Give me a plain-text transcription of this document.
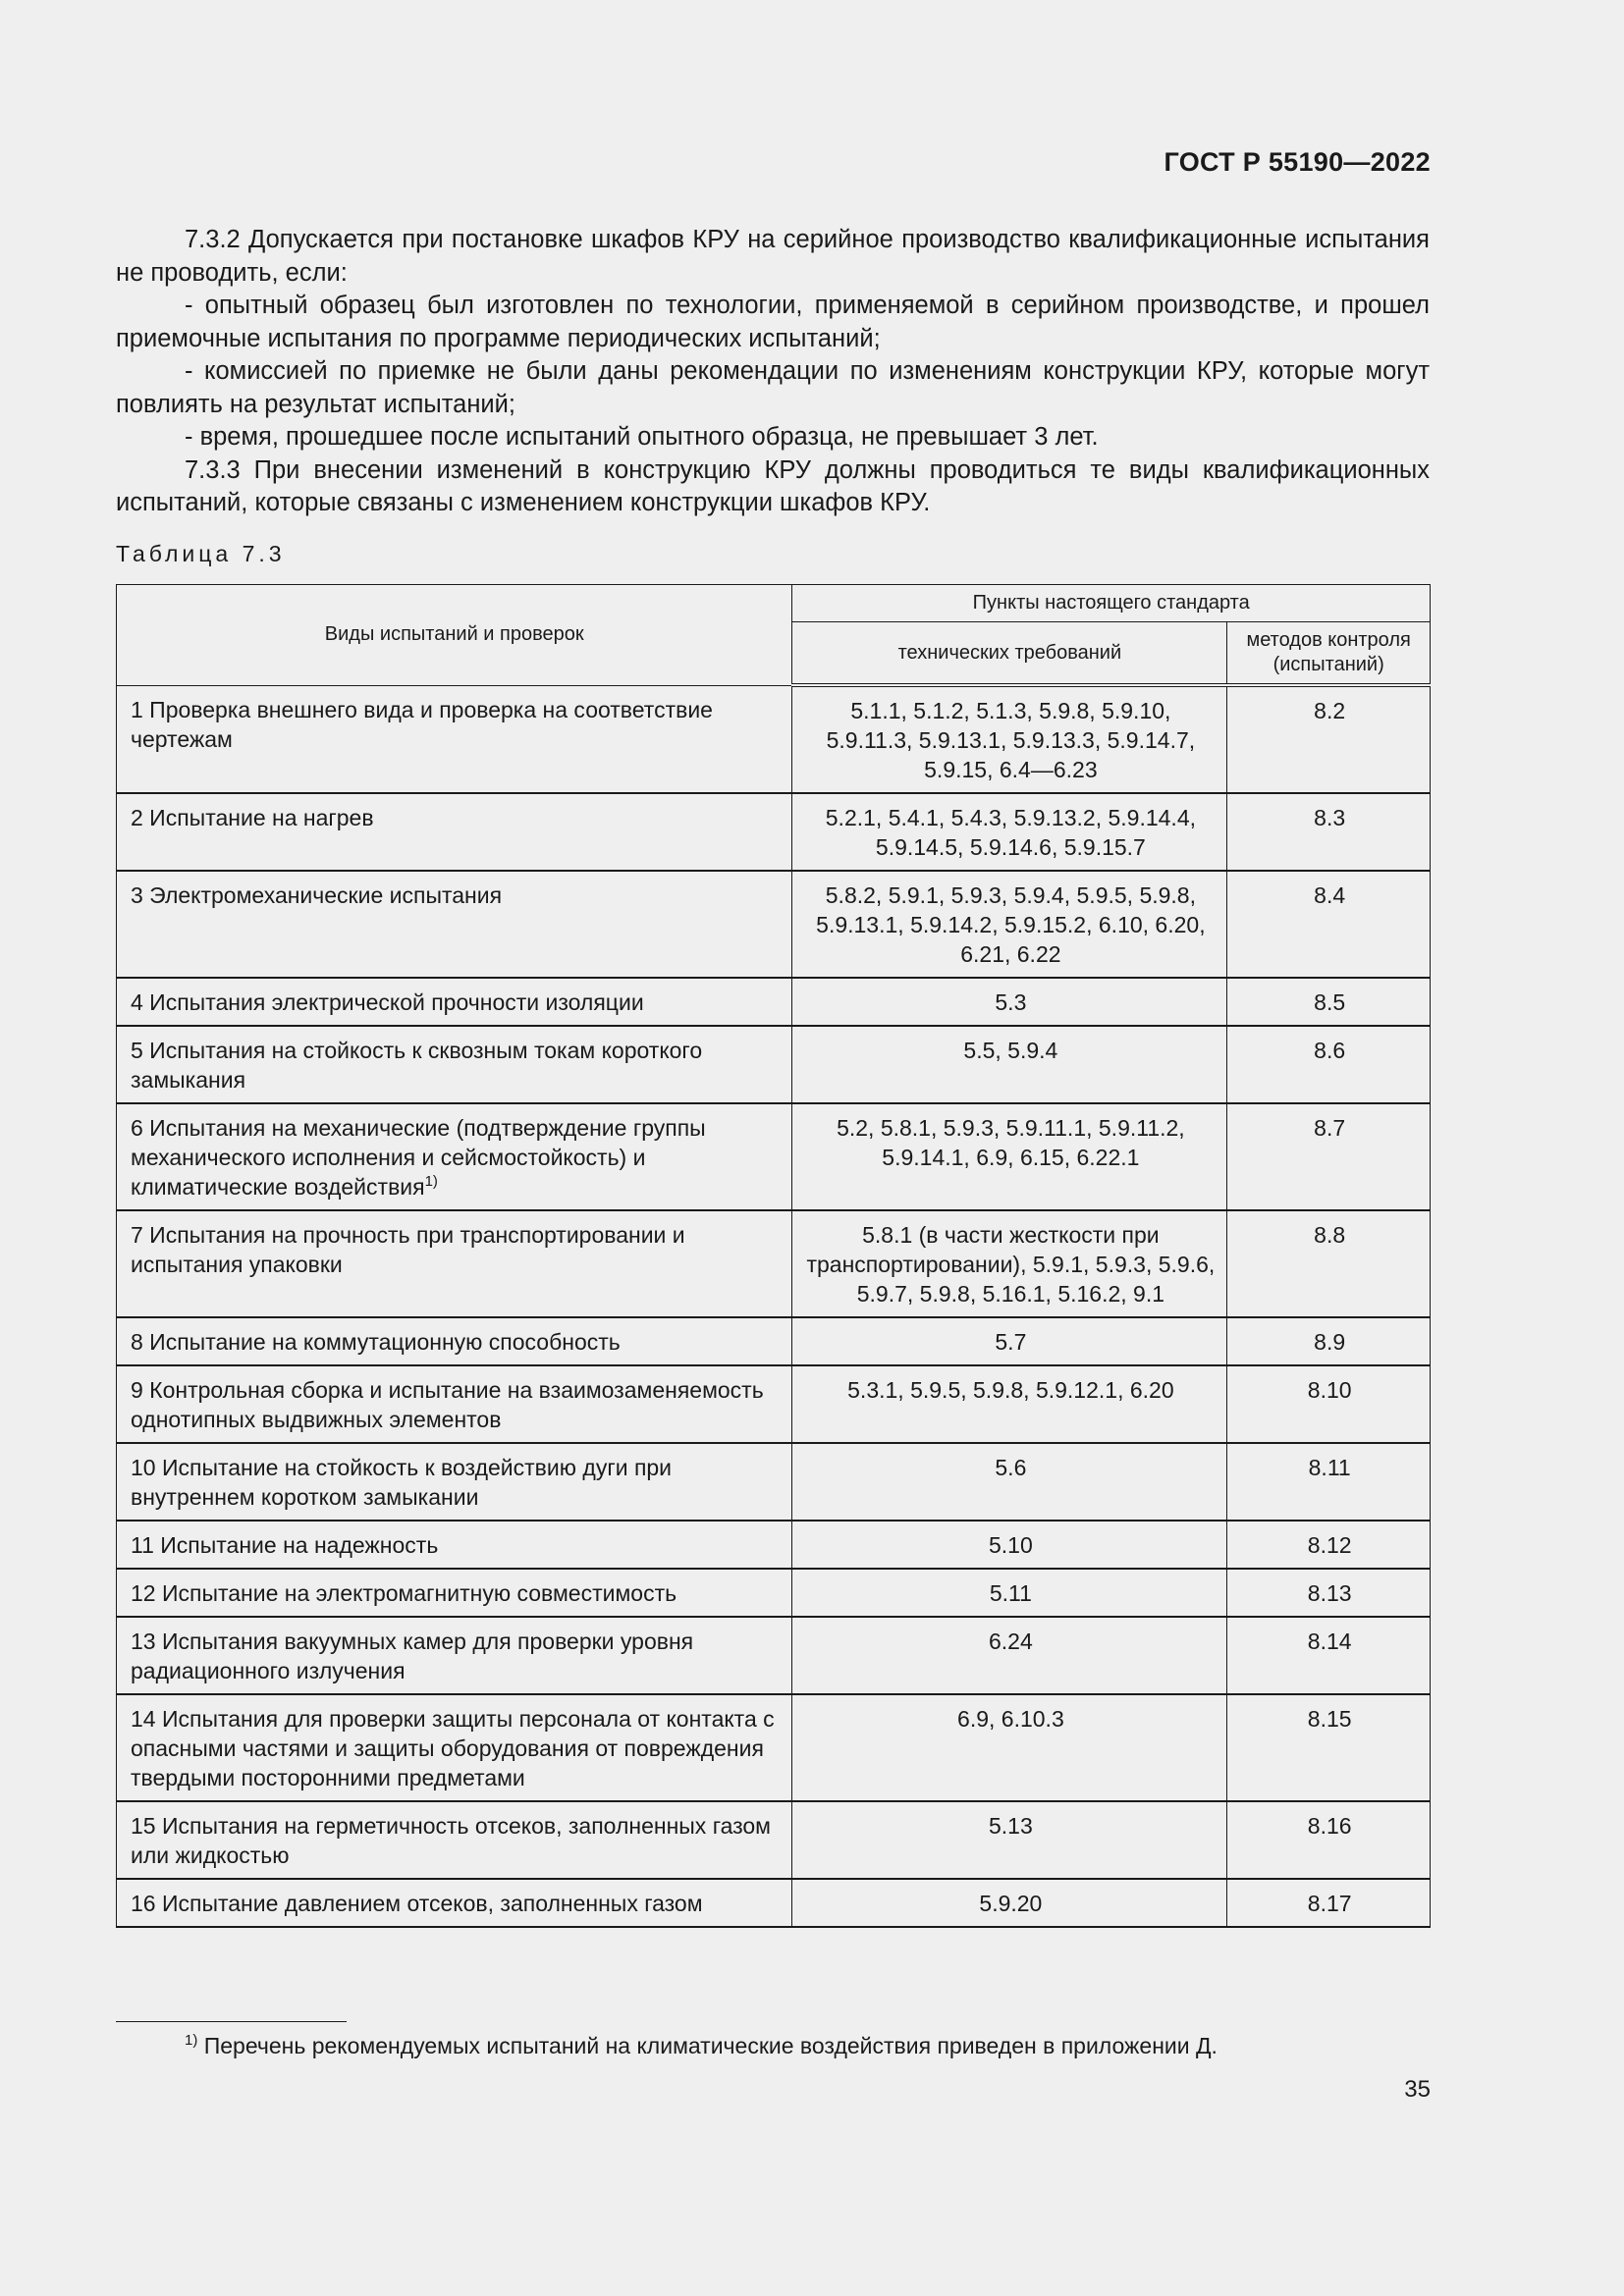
ГОСТ Р 55190—2022

7.3.2 Допускается при постановке шкафов КРУ на серийное производство квалификационные испытания не проводить, если:

- опытный образец был изготовлен по технологии, применяемой в серийном производстве, и прошел приемочные испытания по программе периодических испытаний;

- комиссией по приемке не были даны рекомендации по изменениям конструкции КРУ, которые могут повлиять на результат испытаний;

- время, прошедшее после испытаний опытного образца, не превышает 3 лет.

7.3.3 При внесении изменений в конструкцию КРУ должны проводиться те виды квалификационных испытаний, которые связаны с изменением конструкции шкафов КРУ.

Таблица 7.3
Виды испытаний и проверок	Пункты настоящего стандарта	
	технических требований	методов контроля (испытаний)
1 Проверка внешнего вида и проверка на соответствие чертежам	5.1.1, 5.1.2, 5.1.3, 5.9.8, 5.9.10, 5.9.11.3, 5.9.13.1, 5.9.13.3, 5.9.14.7, 5.9.15, 6.4—6.23	8.2
2 Испытание на нагрев	5.2.1, 5.4.1, 5.4.3, 5.9.13.2, 5.9.14.4, 5.9.14.5, 5.9.14.6, 5.9.15.7	8.3
3 Электромеханические испытания	5.8.2, 5.9.1, 5.9.3, 5.9.4, 5.9.5, 5.9.8, 5.9.13.1, 5.9.14.2, 5.9.15.2, 6.10, 6.20, 6.21, 6.22	8.4
4 Испытания электрической прочности изоляции	5.3	8.5
5 Испытания на стойкость к сквозным токам короткого замыкания	5.5, 5.9.4	8.6
6 Испытания на механические (подтверждение группы механического исполнения и сейсмостойкость) и климатические воздействия$^{1)}$	5.2, 5.8.1, 5.9.3, 5.9.11.1, 5.9.11.2, 5.9.14.1, 6.9, 6.15, 6.22.1	8.7
7 Испытания на прочность при транспортировании и испытания упаковки	5.8.1 (в части жесткости при транспортировании), 5.9.1, 5.9.3, 5.9.6, 5.9.7, 5.9.8, 5.16.1, 5.16.2, 9.1	8.8
8 Испытание на коммутационную способность	5.7	8.9
9 Контрольная сборка и испытание на взаимозаменяемость однотипных выдвижных элементов	5.3.1, 5.9.5, 5.9.8, 5.9.12.1, 6.20	8.10
10 Испытание на стойкость к воздействию дуги при внутреннем коротком замыкании	5.6	8.11
11 Испытание на надежность	5.10	8.12
12 Испытание на электромагнитную совместимость	5.11	8.13
13 Испытания вакуумных камер для проверки уровня радиационного излучения	6.24	8.14
14 Испытания для проверки защиты персонала от контакта с опасными частями и защиты оборудования от повреждения твердыми посторонними предметами	6.9, 6.10.3	8.15
15 Испытания на герметичность отсеков, заполненных газом или жидкостью	5.13	8.16
16 Испытание давлением отсеков, заполненных газом	5.9.20	8.17
$^{1)}$ Перечень рекомендуемых испытаний на климатические воздействия приведен в приложении Д.
35
